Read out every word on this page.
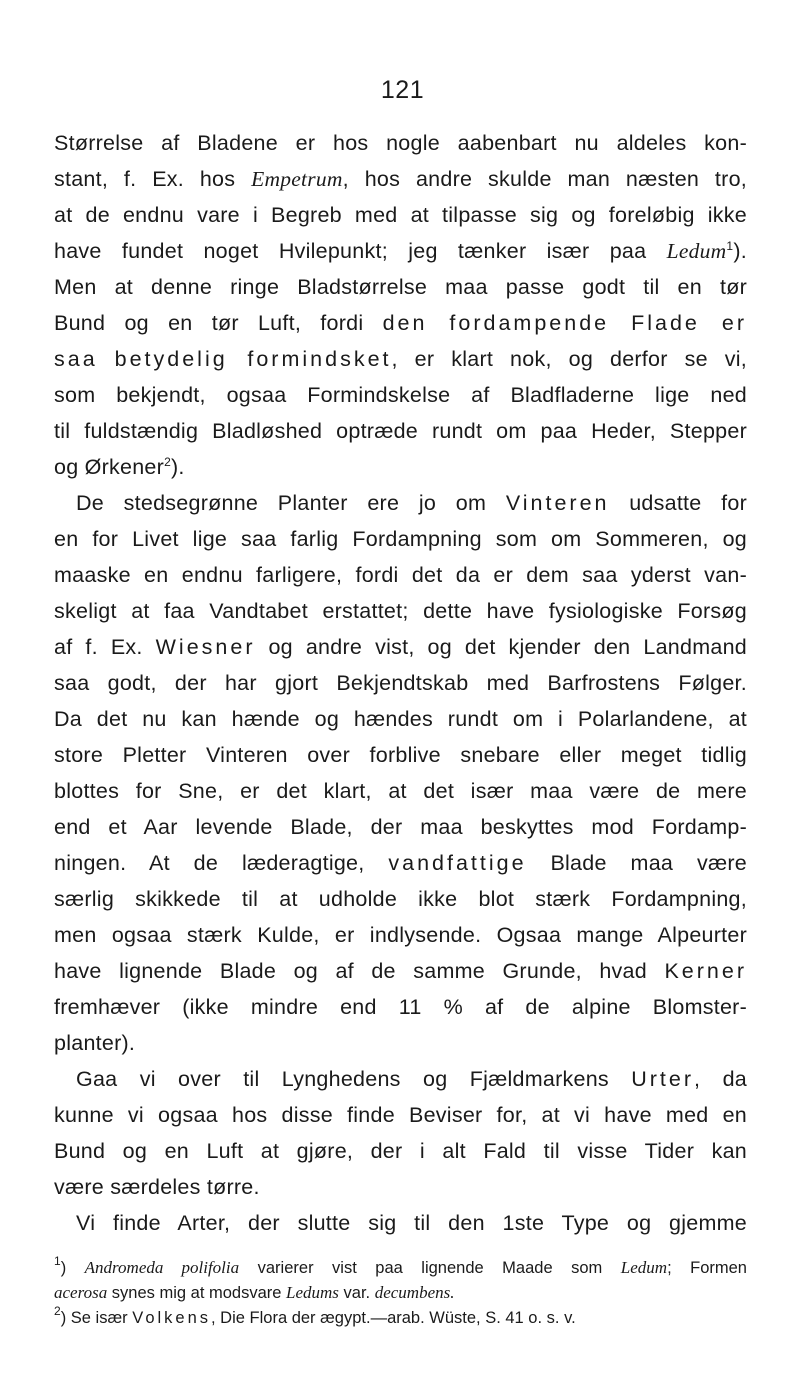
121
Størrelse af Bladene er hos nogle aabenbart nu aldeles kon-
stant, f. Ex. hos Empetrum, hos andre skulde man næsten tro,
at de endnu vare i Begreb med at tilpasse sig og foreløbig ikke
have fundet noget Hvilepunkt; jeg tænker især paa Ledum$^1$).
Men at denne ringe Bladstørrelse maa passe godt til en tør
Bund og en tør Luft, fordi den fordampende Flade er
saa betydelig formindsket, er klart nok, og derfor se vi,
som bekjendt, ogsaa Formindskelse af Bladfladerne lige ned
til fuldstændig Bladløshed optræde rundt om paa Heder, Stepper
og Ørkener$^2$).
De stedsegrønne Planter ere jo om Vinteren udsatte for
en for Livet lige saa farlig Fordampning som om Sommeren, og
maaske en endnu farligere, fordi det da er dem saa yderst van-
skeligt at faa Vandtabet erstattet; dette have fysiologiske Forsøg
af f. Ex. Wiesner og andre vist, og det kjender den Landmand
saa godt, der har gjort Bekjendtskab med Barfrostens Følger.
Da det nu kan hænde og hændes rundt om i Polarlandene, at
store Pletter Vinteren over forblive snebare eller meget tidlig
blottes for Sne, er det klart, at det især maa være de mere
end et Aar levende Blade, der maa beskyttes mod Fordamp-
ningen. At de læderagtige, vandfattige Blade maa være
særlig skikkede til at udholde ikke blot stærk Fordampning,
men ogsaa stærk Kulde, er indlysende. Ogsaa mange Alpeurter
have lignende Blade og af de samme Grunde, hvad Kerner
fremhæver (ikke mindre end 11 % af de alpine Blomster-
planter).
Gaa vi over til Lynghedens og Fjældmarkens Urter, da
kunne vi ogsaa hos disse finde Beviser for, at vi have med en
Bund og en Luft at gjøre, der i alt Fald til visse Tider kan
være særdeles tørre.
Vi finde Arter, der slutte sig til den 1ste Type og gjemme
$^1$) Andromeda polifolia varierer vist paa lignende Maade som Ledum; Formen
acerosa synes mig at modsvare Ledums var. decumbens.
$^2$) Se især Volkens, Die Flora der ægypt.—arab. Wüste, S. 41 o. s. v.
